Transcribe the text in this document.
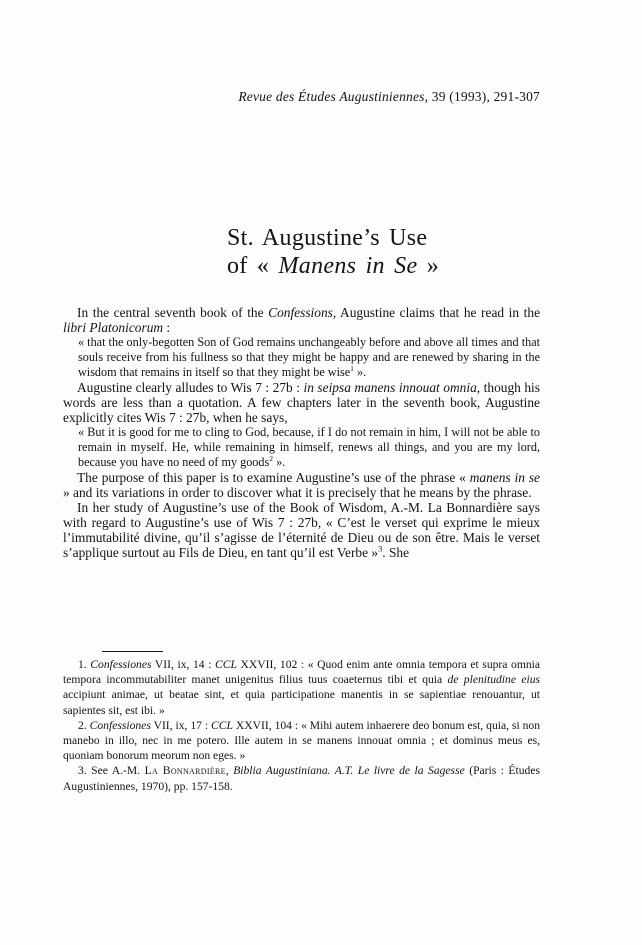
Revue des Études Augustiniennes, 39 (1993), 291-307
St. Augustine’s Use
of « Manens in Se »

In the central seventh book of the Confessions, Augustine claims that he read in the libri Platonicorum :

« that the only-begotten Son of God remains unchangeably before and above all times and that souls receive from his fullness so that they might be happy and are renewed by sharing in the wisdom that remains in itself so that they might be wise$^1$ ».

Augustine clearly alludes to Wis 7 : 27b : in seipsa manens innouat omnia, though his words are less than a quotation. A few chapters later in the seventh book, Augustine explicitly cites Wis 7 : 27b, when he says,

« But it is good for me to cling to God, because, if I do not remain in him, I will not be able to remain in myself. He, while remaining in himself, renews all things, and you are my lord, because you have no need of my goods$^2$ ».

The purpose of this paper is to examine Augustine’s use of the phrase « manens in se » and its variations in order to discover what it is precisely that he means by the phrase.

In her study of Augustine’s use of the Book of Wisdom, A.-M. La Bonnardière says with regard to Augustine’s use of Wis 7 : 27b, « C’est le verset qui exprime le mieux l’immutabilité divine, qu’il s’agisse de l’éternité de Dieu ou de son être. Mais le verset s’applique surtout au Fils de Dieu, en tant qu’il est Verbe »$^3$. She

1. Confessiones VII, ix, 14 : CCL XXVII, 102 : « Quod enim ante omnia tempora et supra omnia tempora incommutabiliter manet unigenitus filius tuus coaeternus tibi et quia de plenitudine eius accipiunt animae, ut beatae sint, et quia participatione manentis in se sapientiae renouantur, ut sapientes sit, est ibi. »

2. Confessiones VII, ix, 17 : CCL XXVII, 104 : « Mihi autem inhaerere deo bonum est, quia, si non manebo in illo, nec in me potero. Ille autem in se manens innouat omnia ; et dominus meus es, quoniam bonorum meorum non eges. »

3. See A.-M. La Bonnardière, Biblia Augustiniana. A.T. Le livre de la Sagesse (Paris : Études Augustiniennes, 1970), pp. 157-158.
